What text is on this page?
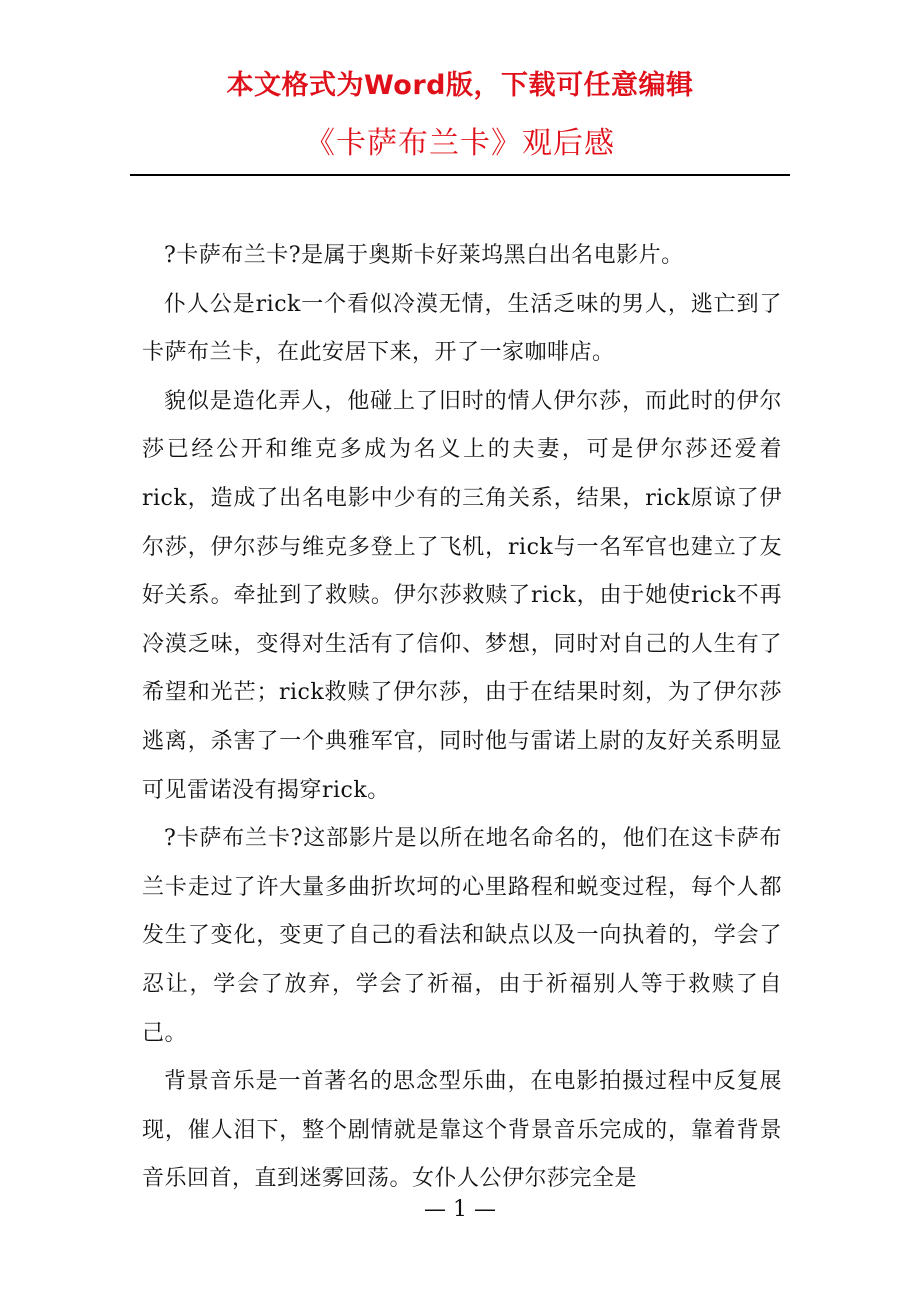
本文格式为Word版，下载可任意编辑
《卡萨布兰卡》观后感

?卡萨布兰卡?是属于奥斯卡好莱坞黑白出名电影片。

仆人公是rick一个看似冷漠无情，生活乏味的男人，逃亡到了卡萨布兰卡，在此安居下来，开了一家咖啡店。

貌似是造化弄人，他碰上了旧时的情人伊尔莎，而此时的伊尔莎已经公开和维克多成为名义上的夫妻，可是伊尔莎还爱着rick，造成了出名电影中少有的三角关系，结果，rick原谅了伊尔莎，伊尔莎与维克多登上了飞机，rick与一名军官也建立了友好关系。牵扯到了救赎。伊尔莎救赎了rick，由于她使rick不再冷漠乏味，变得对生活有了信仰、梦想，同时对自己的人生有了希望和光芒；rick救赎了伊尔莎，由于在结果时刻，为了伊尔莎逃离，杀害了一个典雅军官，同时他与雷诺上尉的友好关系明显可见雷诺没有揭穿rick。

?卡萨布兰卡?这部影片是以所在地名命名的，他们在这卡萨布兰卡走过了许大量多曲折坎坷的心里路程和蜕变过程，每个人都发生了变化，变更了自己的看法和缺点以及一向执着的，学会了忍让，学会了放弃，学会了祈福，由于祈福别人等于救赎了自己。

背景音乐是一首著名的思念型乐曲，在电影拍摄过程中反复展现，催人泪下，整个剧情就是靠这个背景音乐完成的，靠着背景音乐回首，直到迷雾回荡。女仆人公伊尔莎完全是

— 1 —
